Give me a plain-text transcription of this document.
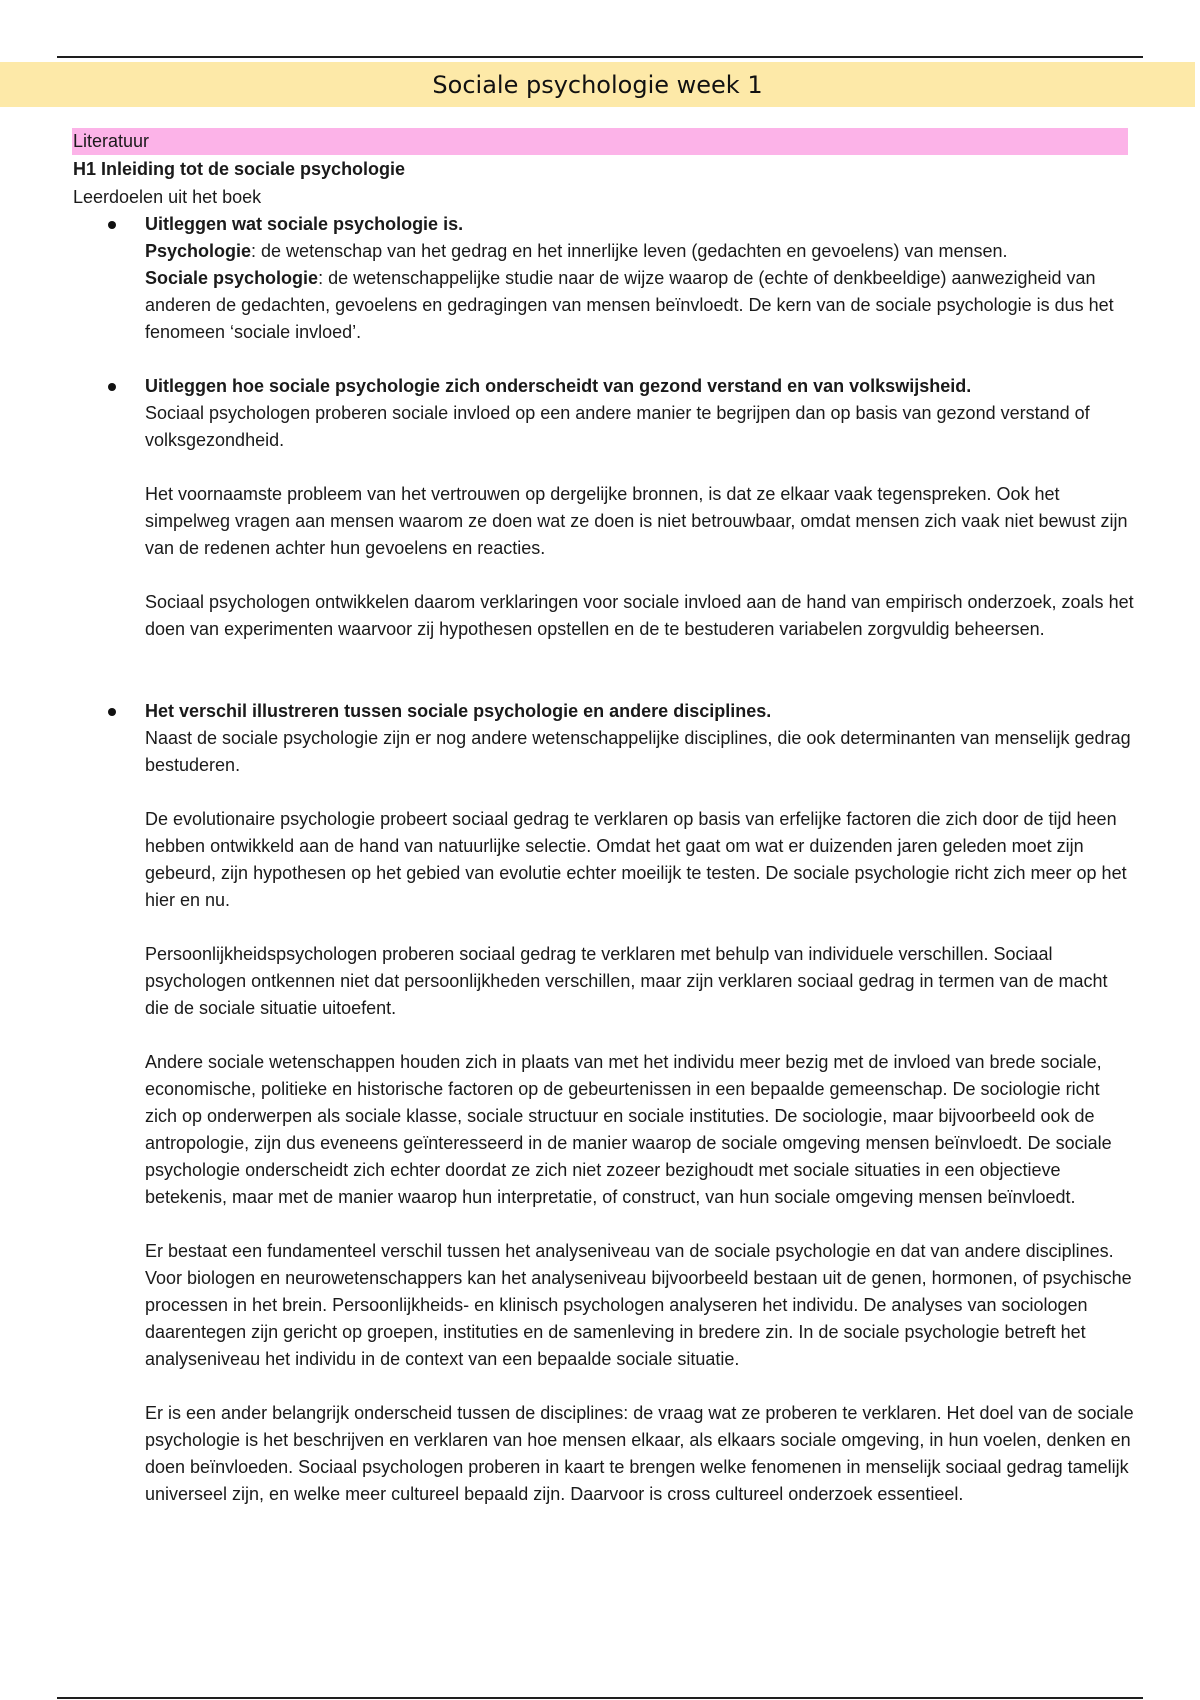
Sociale psychologie week 1
Literatuur
H1 Inleiding tot de sociale psychologie
Leerdoelen uit het boek

Uitleggen wat sociale psychologie is.

Psychologie: de wetenschap van het gedrag en het innerlijke leven (gedachten en gevoelens) van mensen.

Sociale psychologie: de wetenschappelijke studie naar de wijze waarop de (echte of denkbeeldige) aanwezigheid van anderen de gedachten, gevoelens en gedragingen van mensen beïnvloedt. De kern van de sociale psychologie is dus het fenomeen ‘sociale invloed’.

Uitleggen hoe sociale psychologie zich onderscheidt van gezond verstand en van volkswijsheid.

Sociaal psychologen proberen sociale invloed op een andere manier te begrijpen dan op basis van gezond verstand of volksgezondheid.

Het voornaamste probleem van het vertrouwen op dergelijke bronnen, is dat ze elkaar vaak tegenspreken. Ook het simpelweg vragen aan mensen waarom ze doen wat ze doen is niet betrouwbaar, omdat mensen zich vaak niet bewust zijn van de redenen achter hun gevoelens en reacties.

Sociaal psychologen ontwikkelen daarom verklaringen voor sociale invloed aan de hand van empirisch onderzoek, zoals het doen van experimenten waarvoor zij hypothesen opstellen en de te bestuderen variabelen zorgvuldig beheersen.

Het verschil illustreren tussen sociale psychologie en andere disciplines.

Naast de sociale psychologie zijn er nog andere wetenschappelijke disciplines, die ook determinanten van menselijk gedrag bestuderen.

De evolutionaire psychologie probeert sociaal gedrag te verklaren op basis van erfelijke factoren die zich door de tijd heen hebben ontwikkeld aan de hand van natuurlijke selectie. Omdat het gaat om wat er duizenden jaren geleden moet zijn gebeurd, zijn hypothesen op het gebied van evolutie echter moeilijk te testen. De sociale psychologie richt zich meer op het hier en nu.

Persoonlijkheidspsychologen proberen sociaal gedrag te verklaren met behulp van individuele verschillen. Sociaal psychologen ontkennen niet dat persoonlijkheden verschillen, maar zijn verklaren sociaal gedrag in termen van de macht die de sociale situatie uitoefent.

Andere sociale wetenschappen houden zich in plaats van met het individu meer bezig met de invloed van brede sociale, economische, politieke en historische factoren op de gebeurtenissen in een bepaalde gemeenschap. De sociologie richt zich op onderwerpen als sociale klasse, sociale structuur en sociale instituties. De sociologie, maar bijvoorbeeld ook de antropologie, zijn dus eveneens geïnteresseerd in de manier waarop de sociale omgeving mensen beïnvloedt. De sociale psychologie onderscheidt zich echter doordat ze zich niet zozeer bezighoudt met sociale situaties in een objectieve betekenis, maar met de manier waarop hun interpretatie, of construct, van hun sociale omgeving mensen beïnvloedt.

Er bestaat een fundamenteel verschil tussen het analyseniveau van de sociale psychologie en dat van andere disciplines. Voor biologen en neurowetenschappers kan het analyseniveau bijvoorbeeld bestaan uit de genen, hormonen, of psychische processen in het brein. Persoonlijkheids- en klinisch psychologen analyseren het individu. De analyses van sociologen daarentegen zijn gericht op groepen, instituties en de samenleving in bredere zin. In de sociale psychologie betreft het analyseniveau het individu in de context van een bepaalde sociale situatie.

Er is een ander belangrijk onderscheid tussen de disciplines: de vraag wat ze proberen te verklaren. Het doel van de sociale psychologie is het beschrijven en verklaren van hoe mensen elkaar, als elkaars sociale omgeving, in hun voelen, denken en doen beïnvloeden. Sociaal psychologen proberen in kaart te brengen welke fenomenen in menselijk sociaal gedrag tamelijk universeel zijn, en welke meer cultureel bepaald zijn. Daarvoor is cross cultureel onderzoek essentieel.
